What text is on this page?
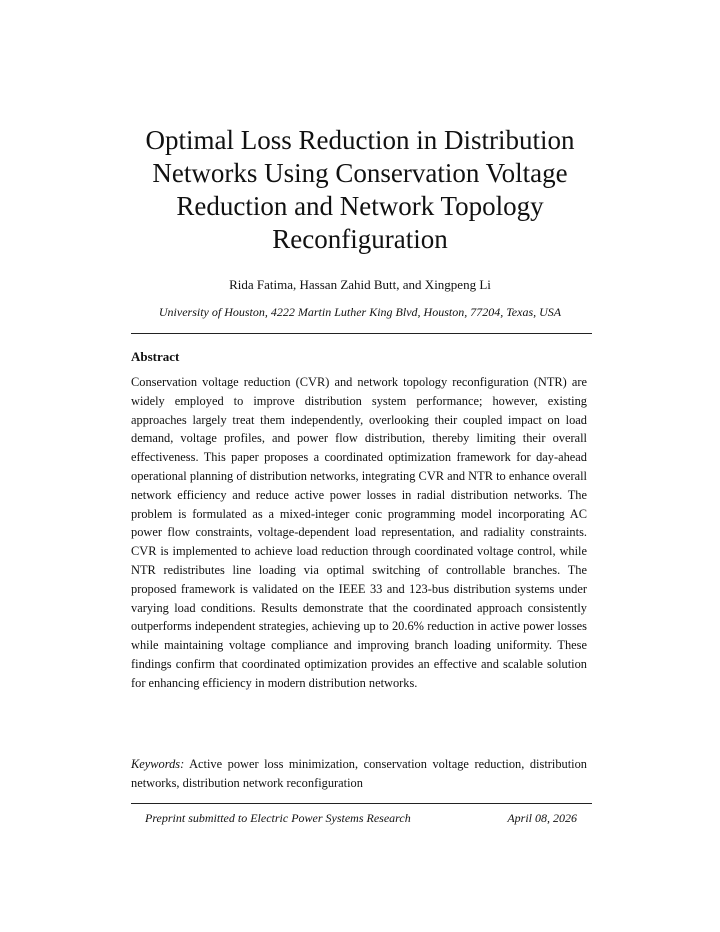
Optimal Loss Reduction in Distribution Networks Using Conservation Voltage Reduction and Network Topology Reconfiguration
Rida Fatima, Hassan Zahid Butt, and Xingpeng Li
University of Houston, 4222 Martin Luther King Blvd, Houston, 77204, Texas, USA
Abstract

Conservation voltage reduction (CVR) and network topology reconfiguration (NTR) are widely employed to improve distribution system performance; however, existing approaches largely treat them independently, overlooking their coupled impact on load demand, voltage profiles, and power flow distribution, thereby limiting their overall effectiveness. This paper proposes a coordinated optimization framework for day-ahead operational planning of distribution networks, integrating CVR and NTR to enhance overall network efficiency and reduce active power losses in radial distribution networks. The problem is formulated as a mixed-integer conic programming model incorporating AC power flow constraints, voltage-dependent load representation, and radiality constraints. CVR is implemented to achieve load reduction through coordinated voltage control, while NTR redistributes line loading via optimal switching of controllable branches. The proposed framework is validated on the IEEE 33 and 123-bus distribution systems under varying load conditions. Results demonstrate that the coordinated approach consistently outperforms independent strategies, achieving up to 20.6% reduction in active power losses while maintaining voltage compliance and improving branch loading uniformity. These findings confirm that coordinated optimization provides an effective and scalable solution for enhancing efficiency in modern distribution networks.

Keywords: Active power loss minimization, conservation voltage reduction, distribution networks, distribution network reconfiguration

Preprint submitted to Electric Power Systems Research	April 08, 2026
